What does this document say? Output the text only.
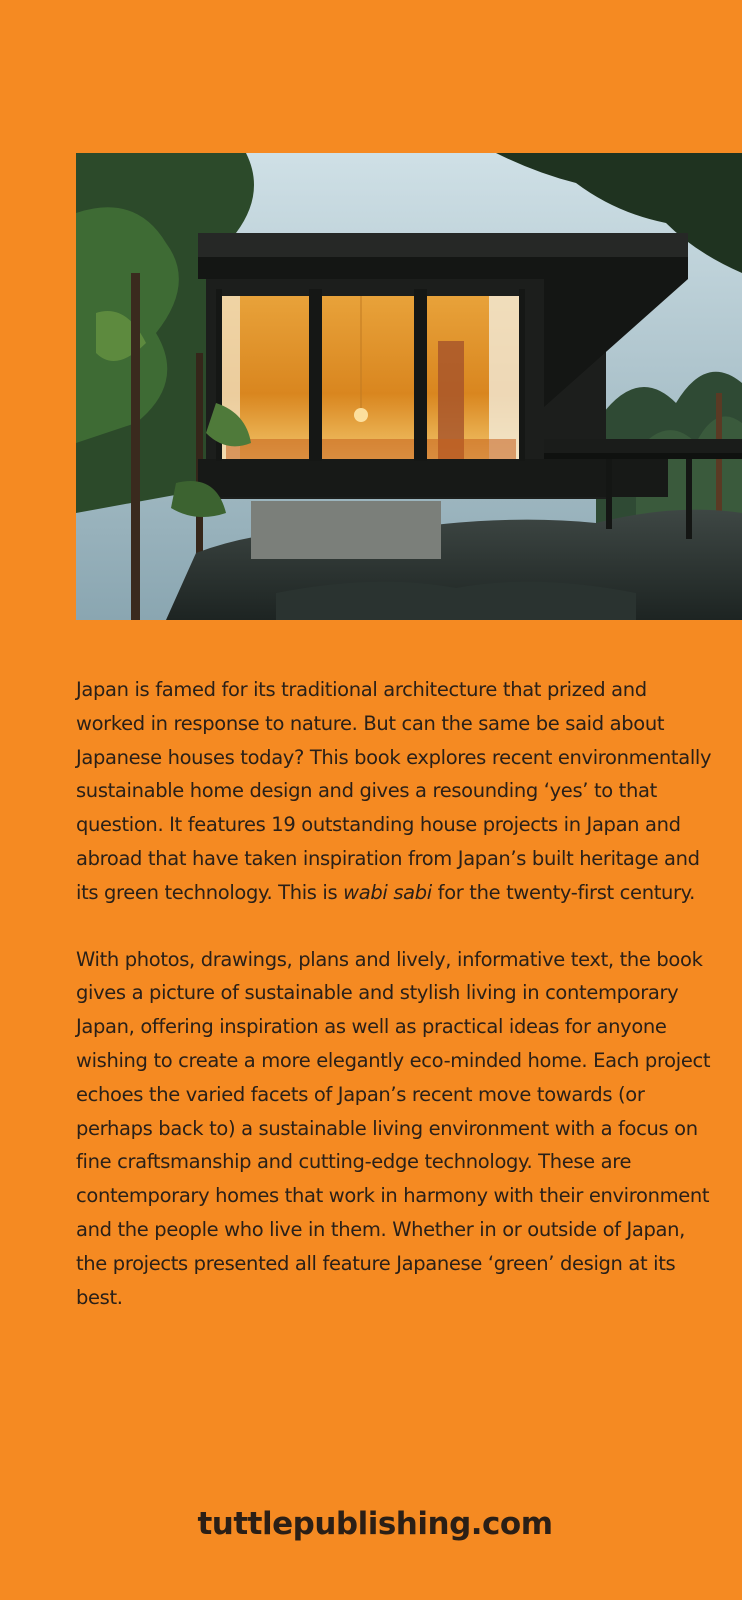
Japan is famed for its traditional architecture that prized and worked in response to nature. But can the same be said about Japanese houses today? This book explores recent environmentally sustainable home design and gives a resounding ‘yes’ to that question. It features 19 outstanding house projects in Japan and abroad that have taken inspiration from Japan’s built heritage and its green technology. This is wabi sabi for the twenty-first century.

With photos, drawings, plans and lively, informative text, the book gives a picture of sustainable and stylish living in contemporary Japan, offering inspiration as well as practical ideas for anyone wishing to create a more elegantly eco-minded home. Each project echoes the varied facets of Japan’s recent move towards (or perhaps back to) a sustainable living environment with a focus on fine craftsmanship and cutting-edge technology. These are contemporary homes that work in harmony with their environment and the people who live in them. Whether in or outside of Japan, the projects presented all feature Japanese ‘green’ design at its best.

tuttlepublishing.com
